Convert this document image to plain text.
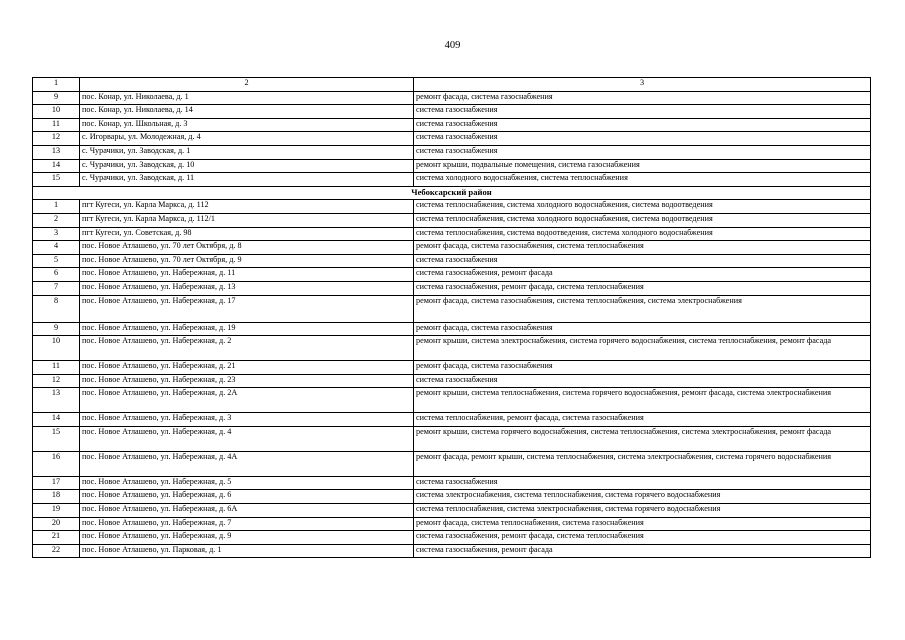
409
1	2	3
9	пос. Конар, ул. Николаева, д. 1	ремонт фасада, система газоснабжения
10	пос. Конар, ул. Николаева, д. 14	система газоснабжения
11	пос. Конар, ул. Школьная, д. 3	система газоснабжения
12	с. Игорвары, ул. Молодежная, д. 4	система газоснабжения
13	с. Чурачики, ул. Заводская, д. 1	система газоснабжения
14	с. Чурачики, ул. Заводская, д. 10	ремонт крыши, подвальные помещения, система газоснабжения
15	с. Чурачики, ул. Заводская, д. 11	система холодного водоснабжения, система теплоснабжения
Чебоксарский район		
1	пгт Кугеси, ул. Карла Маркса, д. 112	система теплоснабжения, система холодного водоснабжения, система водоотведения
2	пгт Кугеси, ул. Карла Маркса, д. 112/1	система теплоснабжения, система холодного водоснабжения, система водоотведения
3	пгт Кугеси, ул. Советская, д. 98	система теплоснабжения, система водоотведения, система холодного водоснабжения
4	пос. Новое Атлашево, ул. 70 лет Октября, д. 8	ремонт фасада, система газоснабжения, система теплоснабжения
5	пос. Новое Атлашево, ул. 70 лет Октября, д. 9	система газоснабжения
6	пос. Новое Атлашево, ул. Набережная, д. 11	система газоснабжения, ремонт фасада
7	пос. Новое Атлашево, ул. Набережная, д. 13	система газоснабжения, ремонт фасада, система теплоснабжения
8	пос. Новое Атлашево, ул. Набережная, д. 17	ремонт фасада, система газоснабжения, система теплоснабжения, система электроснабжения
9	пос. Новое Атлашево, ул. Набережная, д. 19	ремонт фасада, система газоснабжения
10	пос. Новое Атлашево, ул. Набережная, д. 2	ремонт крыши, система электроснабжения, система горячего водоснабжения, система теплоснабжения, ремонт фасада
11	пос. Новое Атлашево, ул. Набережная, д. 21	ремонт фасада, система газоснабжения
12	пос. Новое Атлашево, ул. Набережная, д. 23	система газоснабжения
13	пос. Новое Атлашево, ул. Набережная, д. 2А	ремонт крыши, система теплоснабжения, система горячего водоснабжения, ремонт фасада, система электроснабжения
14	пос. Новое Атлашево, ул. Набережная, д. 3	система теплоснабжения, ремонт фасада, система газоснабжения
15	пос. Новое Атлашево, ул. Набережная, д. 4	ремонт крыши, система горячего водоснабжения, система теплоснабжения, система электроснабжения, ремонт фасада
16	пос. Новое Атлашево, ул. Набережная, д. 4А	ремонт фасада, ремонт крыши, система теплоснабжения, система электроснабжения, система горячего водоснабжения
17	пос. Новое Атлашево, ул. Набережная, д. 5	система газоснабжения
18	пос. Новое Атлашево, ул. Набережная, д. 6	система электроснабжения, система теплоснабжения, система горячего водоснабжения
19	пос. Новое Атлашево, ул. Набережная, д. 6А	система теплоснабжения, система электроснабжения, система горячего водоснабжения
20	пос. Новое Атлашево, ул. Набережная, д. 7	ремонт фасада, система теплоснабжения, система газоснабжения
21	пос. Новое Атлашево, ул. Набережная, д. 9	система газоснабжения, ремонт фасада, система теплоснабжения
22	пос. Новое Атлашево, ул. Парковая, д. 1	система газоснабжения, ремонт фасада
